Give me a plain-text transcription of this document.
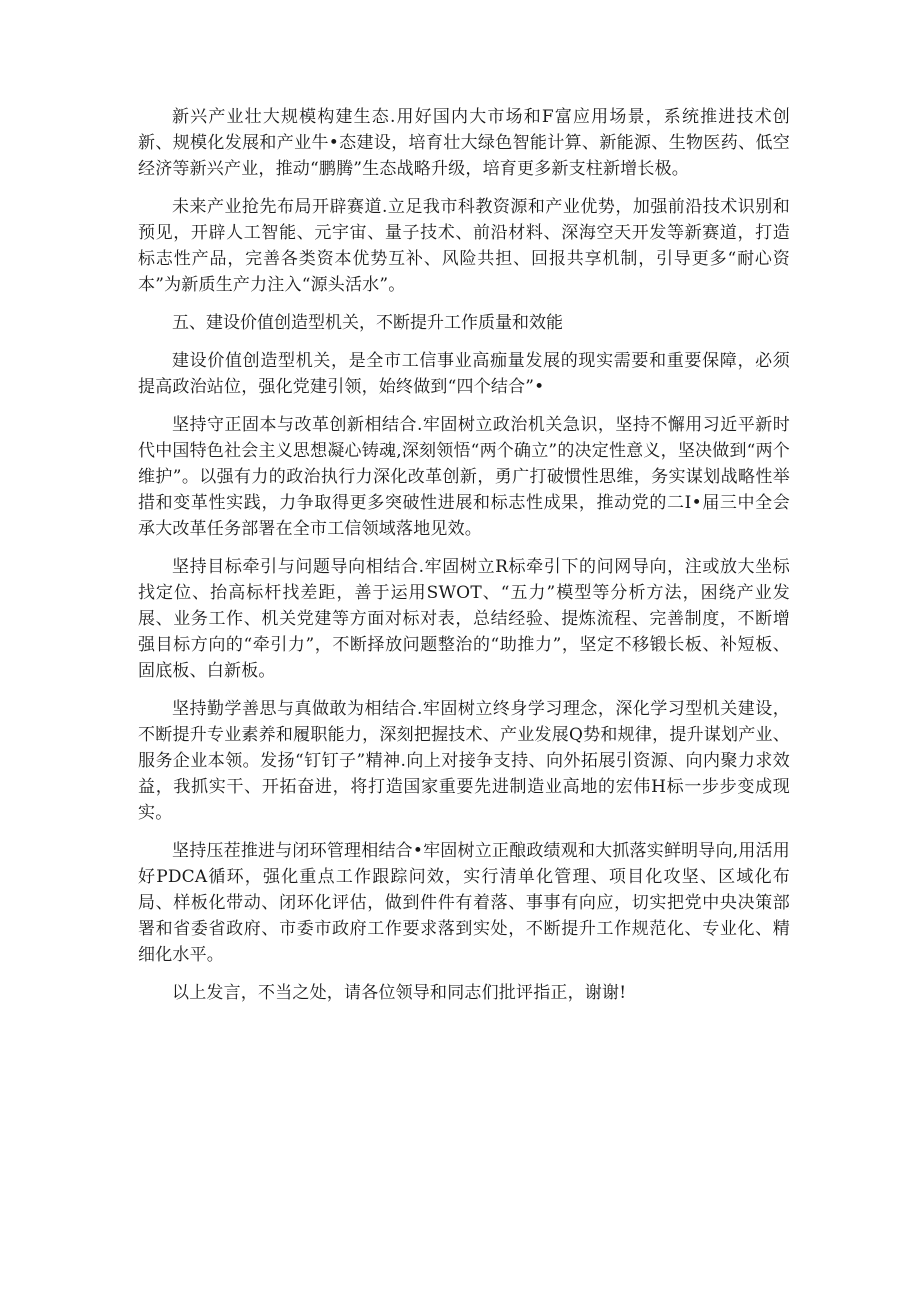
新兴产业壮大规模构建生态.用好国内大市场和F富应用场景，系统推进技术创新、规模化发展和产业牛•态建设，培育壮大绿色智能计算、新能源、生物医药、低空经济等新兴产业，推动“鹏腾”生态战略升级，培育更多新支柱新增长极。

未来产业抢先布局开辟赛道.立足我市科教资源和产业优势，加强前沿技术识别和预见，开辟人工智能、元宇宙、量子技术、前沿材料、深海空天开发等新赛道，打造标志性产品，完善各类资本优势互补、风险共担、回报共享机制，引导更多“耐心资本”为新质生产力注入“源头活水”。

五、建设价值创造型机关，不断提升工作质量和效能

建设价值创造型机关，是全市工信事业高痂量发展的现实需要和重要保障，必须提高政治站位，强化党建引领，始终做到“四个结合”•

坚持守正固本与改革创新相结合.牢固树立政治机关急识，坚持不懈用习近平新时代中国特色社会主义思想凝心铸魂,深刻领悟“两个确立”的决定性意义，坚决做到“两个维护”。以强有力的政治执行力深化改革创新，勇广打破惯性思维，务实谋划战略性举措和变革性实践，力争取得更多突破性进展和标志性成果，推动党的二I•届三中全会承大改革任务部署在全市工信领域落地见效。

坚持目标牵引与问题导向相结合.牢固树立R标牵引下的问网导向，注或放大坐标找定位、抬高标杆找差距，善于运用SWOT、“五力”模型等分析方法，困绕产业发展、业务工作、机关党建等方面对标对表，总结经验、提炼流程、完善制度，不断增强目标方向的“牵引力”，不断择放问题整治的“助推力”，坚定不移锻长板、补短板、固底板、白新板。

坚持勤学善思与真做敢为相结合.牢固树立终身学习理念，深化学习型机关建设，不断提升专业素养和履职能力，深刻把握技术、产业发展Q势和规律，提升谋划产业、服务企业本领。发扬“钉钉子”精神.向上对接争支持、向外拓展引资源、向内聚力求效益，我抓实干、开拓奋进，将打造国家重要先进制造业高地的宏伟H标一步步变成现实。

坚持压茬推进与闭环管理相结合•牢固树立正酿政绩观和大抓落实鲜明导向,用活用好PDCA循环，强化重点工作跟踪问效，实行清单化管理、项目化攻坚、区域化布局、样板化带动、闭环化评估，做到件件有着落、事事有向应，切实把党中央决策部署和省委省政府、市委市政府工作要求落到实处，不断提升工作规范化、专业化、精细化水平。

以上发言，不当之处，请各位领导和同志们批评指正，谢谢!
